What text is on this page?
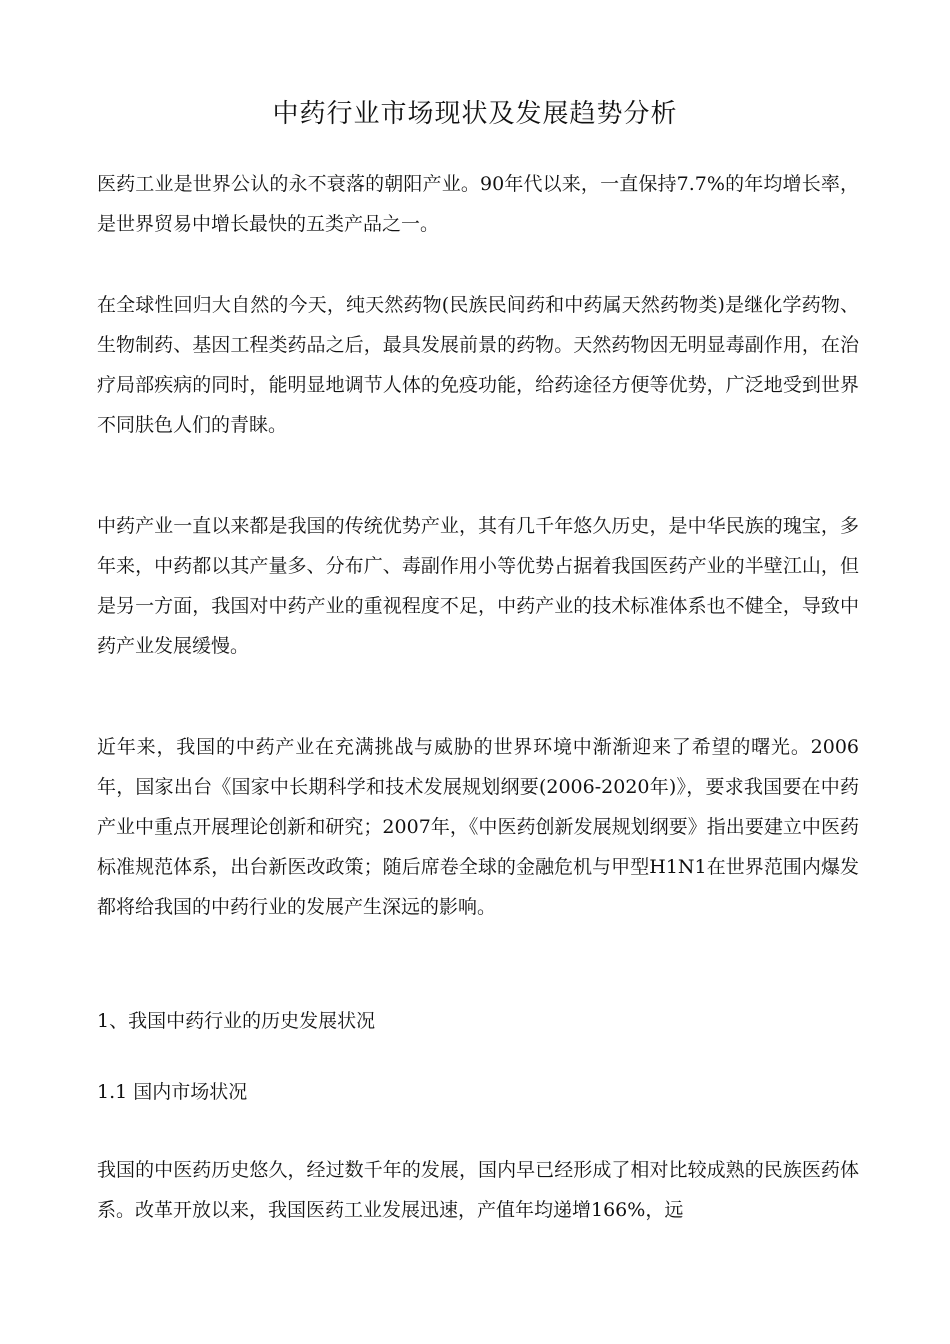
中药行业市场现状及发展趋势分析

医药工业是世界公认的永不衰落的朝阳产业。90年代以来，一直保持7.7%的年均增长率，是世界贸易中增长最快的五类产品之一。

在全球性回归大自然的今天，纯天然药物(民族民间药和中药属天然药物类)是继化学药物、生物制药、基因工程类药品之后，最具发展前景的药物。天然药物因无明显毒副作用，在治疗局部疾病的同时，能明显地调节人体的免疫功能，给药途径方便等优势，广泛地受到世界不同肤色人们的青睐。

中药产业一直以来都是我国的传统优势产业，其有几千年悠久历史，是中华民族的瑰宝，多年来，中药都以其产量多、分布广、毒副作用小等优势占据着我国医药产业的半壁江山，但是另一方面，我国对中药产业的重视程度不足，中药产业的技术标准体系也不健全，导致中药产业发展缓慢。

近年来，我国的中药产业在充满挑战与威胁的世界环境中渐渐迎来了希望的曙光。2006年，国家出台《国家中长期科学和技术发展规划纲要(2006-2020年)》，要求我国要在中药产业中重点开展理论创新和研究；2007年，《中医药创新发展规划纲要》指出要建立中医药标准规范体系，出台新医改政策；随后席卷全球的金融危机与甲型H1N1在世界范围内爆发都将给我国的中药行业的发展产生深远的影响。

1、我国中药行业的历史发展状况

1.1 国内市场状况

我国的中医药历史悠久，经过数千年的发展，国内早已经形成了相对比较成熟的民族医药体系。改革开放以来，我国医药工业发展迅速，产值年均递增166%，远
